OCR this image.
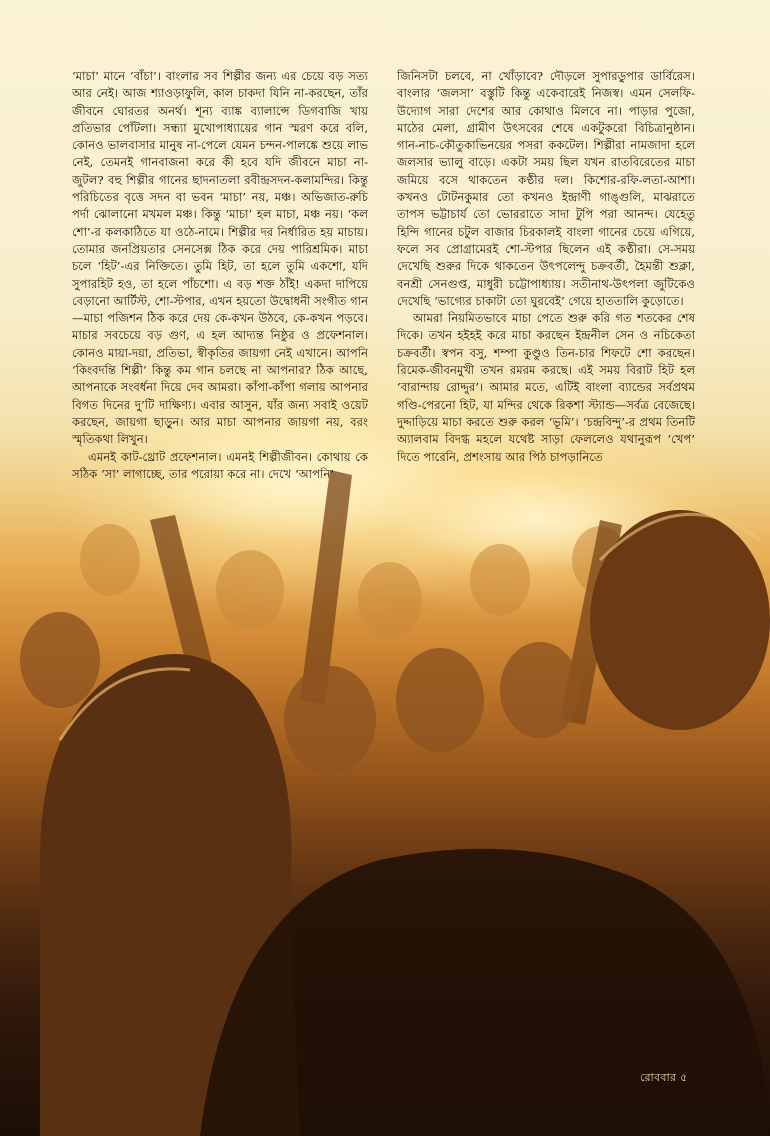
‘মাচা’ মানে ‘বাঁচা’। বাংলার সব শিল্পীর জন্য এর চেয়ে বড় সত্য আর নেই। আজ শ্যাওড়াফুলি, কাল চাকদা যিনি না-করছেন, তাঁর জীবনে ঘোরতর অনর্থ। শূন্য ব্যাঙ্ক ব্যালান্সে ডিগবাজি খায় প্রতিভার পোঁটলা। সন্ধ্যা মুখোপাধ্যায়ের গান স্মরণ করে বলি, কোনও ভালবাসার মানুষ না-পেলে যেমন চন্দন-পালঙ্কে শুয়ে লাভ নেই, তেমনই গানবাজনা করে কী হবে যদি জীবনে মাচা না-জুটল? বহু শিল্পীর গানের ছাদনাতলা রবীন্দ্রসদন-কলামন্দির। কিন্তু পরিচিতের বৃত্তে সদন বা ভবন ‘মাচা’ নয়, মঞ্চ। অভিজাত-রুচি পর্দা ঝোলানো মখমল মঞ্চ। কিন্তু ‘মাচা’ হল মাচা, মঞ্চ নয়। ‘কল শো’-র কলকাঠিতে যা ওঠে-নামে। শিল্পীর দর নির্ধারিত হয় মাচায়। তোমার জনপ্রিয়তার সেনসেক্স ঠিক করে দেয় পারিশ্রমিক। মাচা চলে ‘হিট’-এর নিক্তিতে। তুমি হিট, তা হলে তুমি একশো, যদি সুপারহিট হও, তা হলে পাঁচশো। এ বড় শক্ত ঠাঁই! একদা দাপিয়ে বেড়ানো আর্টিস্ট, শো-স্টপার, এখন হয়তো উদ্বোধনী সংগীত গান—মাচা পজিশন ঠিক করে দেয় কে-কখন উঠবে, কে-কখন পড়বে। মাচার সবচেয়ে বড় গুণ, এ হল আদ্যন্ত নিষ্ঠুর ও প্রফেশনাল। কোনও মায়া-দয়া, প্রতিভা, স্বীকৃতির জায়গা নেই এখানে। আপনি ‘কিংবদন্তি শিল্পী’ কিন্তু কম গান চলছে না আপনার? ঠিক আছে, আপনাকে সংবর্ধনা দিয়ে দেব আমরা। কাঁপা-কাঁপা গলায় আপনার বিগত দিনের দু’টি দাক্ষিণ্য। এবার আসুন, যাঁর জন্য সবাই ওয়েট করছেন, জায়গা ছাড়ুন। আর মাচা আপনার জায়গা নয়, বরং স্মৃতিকথা লিখুন।

এমনই কাট-থ্রোট প্রফেশনাল। এমনই শিল্পীজীবন। কোথায় কে সঠিক ‘সা’ লাগাচ্ছে, তার পরোয়া করে না। দেখে ‘আপনি’

জিনিসটা চলবে, না খোঁড়াবে? দৌড়লে সুপারডুপার ডার্বিরেস। বাংলার ‘জলসা’ বস্তুটি কিন্তু একেবারেই নিজস্ব। এমন সেলফি-উদ্যোগ সারা দেশের আর কোথাও মিলবে না। পাড়ার পুজো, মাঠের মেলা, গ্রামীণ উৎসবের শেষে একটুকরো বিচিত্রানুষ্ঠান। গান-নাচ-কৌতুকাভিনয়ের পসরা ককটেল। শিল্পীরা নামজাদা হলে জলসার ভ্যালু বাড়ে। একটা সময় ছিল যখন রাতবিরেতের মাচা জমিয়ে বসে থাকতেন কণ্ঠীর দল। কিশোর-রফি-লতা-আশা। কখনও টোটনকুমার তো কখনও ইন্দ্রাণী গাঙ্গুলি, মাঝরাতে তাপস ভট্টাচার্য তো ভোররাতে সাদা টুপি পরা আনন্দ। যেহেতু হিন্দি গানের চটুল বাজার চিরকালই বাংলা গানের চেয়ে এগিয়ে, ফলে সব প্রোগ্রামেরই শো-স্টপার ছিলেন এই কণ্ঠীরা। সে-সময় দেখেছি শুরুর দিকে থাকতেন উৎপলেন্দু চক্রবর্তী, হৈমন্তী শুক্লা, বনশ্রী সেনগুপ্ত, মাধুরী চট্টোপাধ্যায়। সতীনাথ-উৎপলা জুটিকেও দেখেছি ‘ভাগ্যের চাকাটা তো ঘুরবেই’ গেয়ে হাততালি কুড়োতে।

আমরা নিয়মিতভাবে মাচা পেতে শুরু করি গত শতকের শেষ দিকে। তখন হইহই করে মাচা করছেন ইন্দ্রনীল সেন ও নচিকেতা চক্রবর্তী। স্বপন বসু, শম্পা কুণ্ডুও তিন-চার শিফটে শো করছেন। রিমেক-জীবনমুখী তখন রমরম করছে। এই সময় বিরাট হিট হল ‘বারান্দায় রোদ্দুর’। আমার মতে, এটিই বাংলা ব্যান্ডের সর্বপ্রথম গণ্ডি-পেরনো হিট, যা মন্দির থেকে রিকশা স্ট্যান্ড—সর্বত্র বেজেছে। দুদ্দাড়িয়ে মাচা করতে শুরু করল ‘ভূমি’। ‘চন্দ্রবিন্দু’-র প্রথম তিনটি অ্যালবাম বিদগ্ধ মহলে যথেষ্ট সাড়া ফেললেও যথানুরূপ ‘খেপ’ দিতে পারেনি, প্রশংসায় আর পিঠ চাপড়ানিতে

রোববার ৫
